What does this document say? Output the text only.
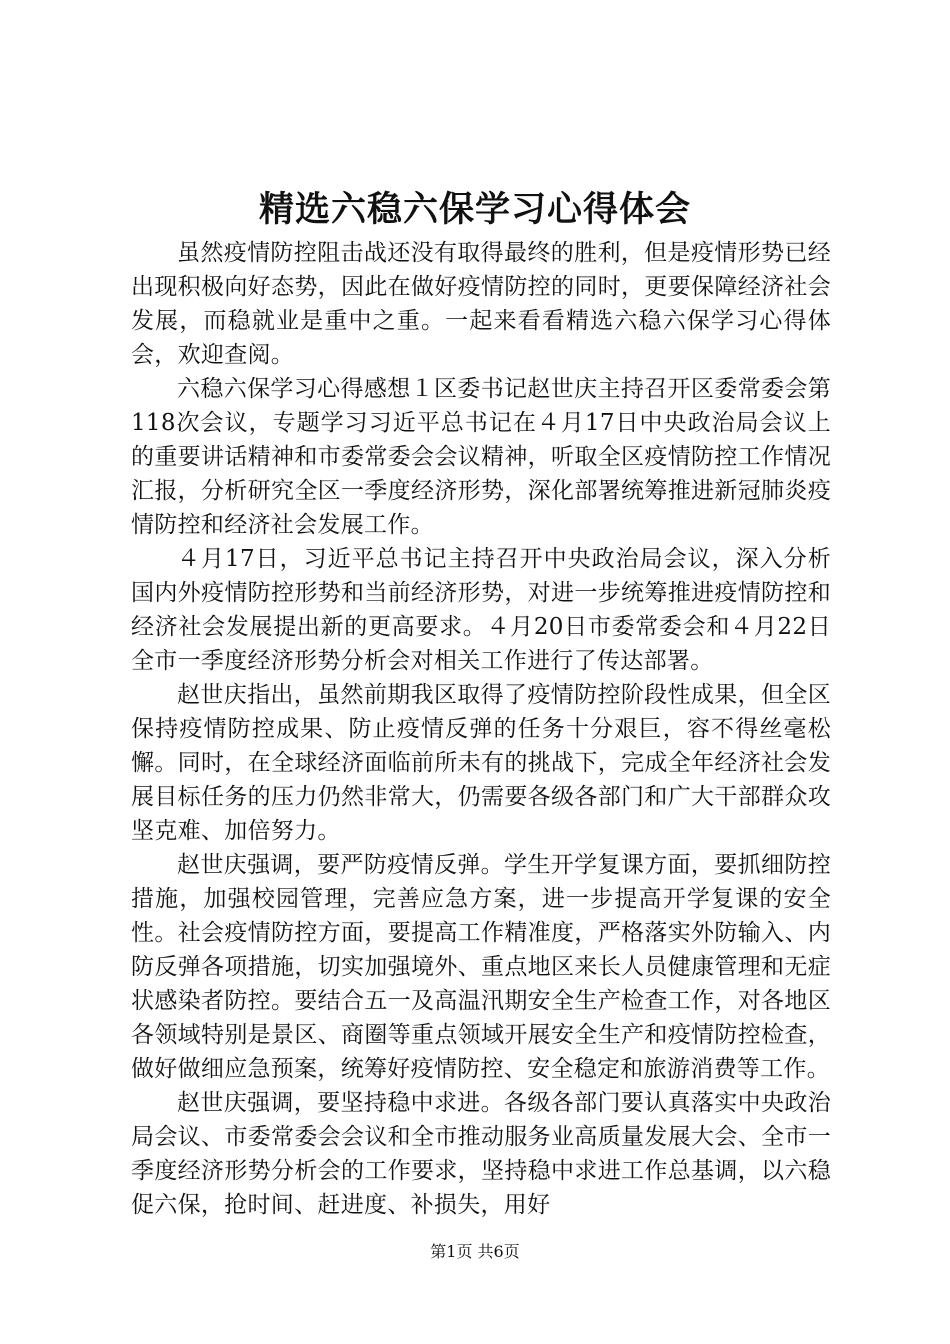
精选六稳六保学习心得体会

虽然疫情防控阻击战还没有取得最终的胜利，但是疫情形势已经出现积极向好态势，因此在做好疫情防控的同时，更要保障经济社会发展，而稳就业是重中之重。一起来看看精选六稳六保学习心得体会，欢迎查阅。

六稳六保学习心得感想１区委书记赵世庆主持召开区委常委会第118次会议，专题学习习近平总书记在４月17日中央政治局会议上的重要讲话精神和市委常委会会议精神，听取全区疫情防控工作情况汇报，分析研究全区一季度经济形势，深化部署统筹推进新冠肺炎疫情防控和经济社会发展工作。

４月17日，习近平总书记主持召开中央政治局会议，深入分析国内外疫情防控形势和当前经济形势，对进一步统筹推进疫情防控和经济社会发展提出新的更高要求。４月20日市委常委会和４月22日全市一季度经济形势分析会对相关工作进行了传达部署。

赵世庆指出，虽然前期我区取得了疫情防控阶段性成果，但全区保持疫情防控成果、防止疫情反弹的任务十分艰巨，容不得丝毫松懈。同时，在全球经济面临前所未有的挑战下，完成全年经济社会发展目标任务的压力仍然非常大，仍需要各级各部门和广大干部群众攻坚克难、加倍努力。

赵世庆强调，要严防疫情反弹。学生开学复课方面，要抓细防控措施，加强校园管理，完善应急方案，进一步提高开学复课的安全性。社会疫情防控方面，要提高工作精准度，严格落实外防输入、内防反弹各项措施，切实加强境外、重点地区来长人员健康管理和无症状感染者防控。要结合五一及高温汛期安全生产检查工作，对各地区各领域特别是景区、商圈等重点领域开展安全生产和疫情防控检查，做好做细应急预案，统筹好疫情防控、安全稳定和旅游消费等工作。

赵世庆强调，要坚持稳中求进。各级各部门要认真落实中央政治局会议、市委常委会会议和全市推动服务业高质量发展大会、全市一季度经济形势分析会的工作要求，坚持稳中求进工作总基调，以六稳促六保，抢时间、赶进度、补损失，用好

第1页 共6页
